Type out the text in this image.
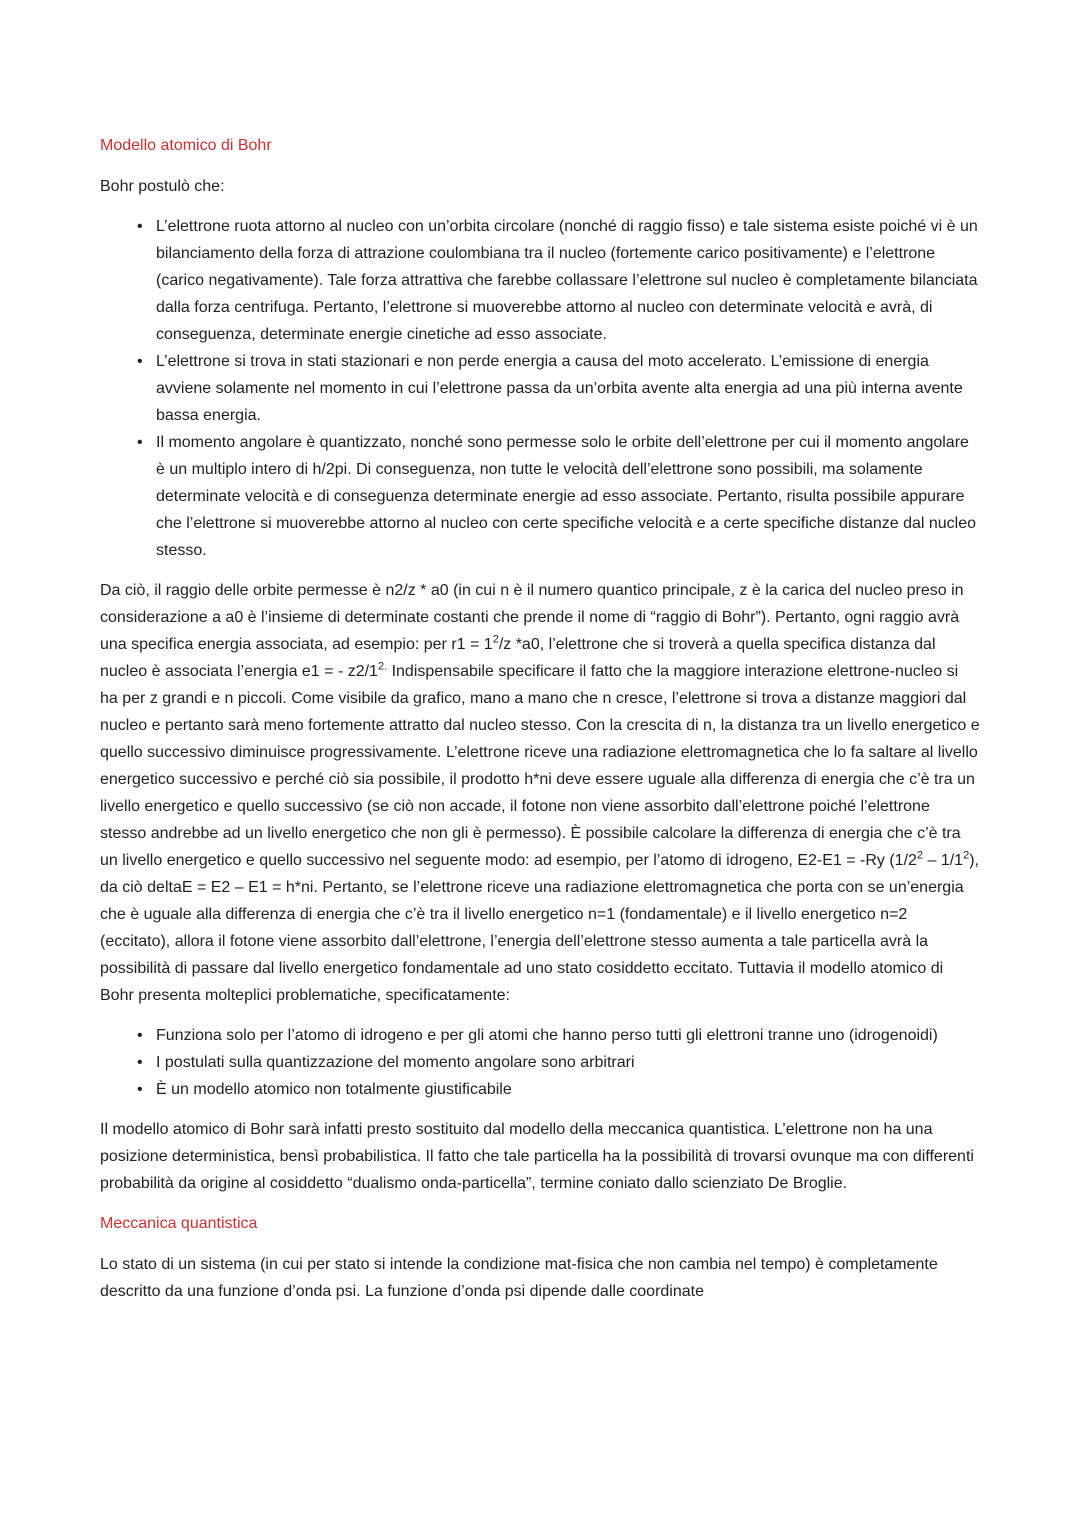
Modello atomico di Bohr

Bohr postulò che:

• L’elettrone ruota attorno al nucleo con un’orbita circolare (nonché di raggio fisso) e tale sistema esiste poiché vi è un bilanciamento della forza di attrazione coulombiana tra il nucleo (fortemente carico positivamente) e l’elettrone (carico negativamente). Tale forza attrattiva che farebbe collassare l’elettrone sul nucleo è completamente bilanciata dalla forza centrifuga. Pertanto, l’elettrone si muoverebbe attorno al nucleo con determinate velocità e avrà, di conseguenza, determinate energie cinetiche ad esso associate.
• L’elettrone si trova in stati stazionari e non perde energia a causa del moto accelerato. L’emissione di energia avviene solamente nel momento in cui l’elettrone passa da un’orbita avente alta energia ad una più interna avente bassa energia.
• Il momento angolare è quantizzato, nonché sono permesse solo le orbite dell’elettrone per cui il momento angolare è un multiplo intero di h/2pi. Di conseguenza, non tutte le velocità dell’elettrone sono possibili, ma solamente determinate velocità e di conseguenza determinate energie ad esso associate. Pertanto, risulta possibile appurare che l’elettrone si muoverebbe attorno al nucleo con certe specifiche velocità e a certe specifiche distanze dal nucleo stesso.

Da ciò, il raggio delle orbite permesse è n2/z * a0 (in cui n è il numero quantico principale, z è la carica del nucleo preso in considerazione a a0 è l’insieme di determinate costanti che prende il nome di “raggio di Bohr”). Pertanto, ogni raggio avrà una specifica energia associata, ad esempio: per $r1 = 1^2/z$ *a0, l’elettrone che si troverà a quella specifica distanza dal nucleo è associata l’energia e1 = - $z2/1^{2.}$ Indispensabile specificare il fatto che la maggiore interazione elettrone-nucleo si ha per z grandi e n piccoli. Come visibile da grafico, mano a mano che n cresce, l’elettrone si trova a distanze maggiori dal nucleo e pertanto sarà meno fortemente attratto dal nucleo stesso. Con la crescita di n, la distanza tra un livello energetico e quello successivo diminuisce progressivamente. L’elettrone riceve una radiazione elettromagnetica che lo fa saltare al livello energetico successivo e perché ciò sia possibile, il prodotto h*ni deve essere uguale alla differenza di energia che c’è tra un livello energetico e quello successivo (se ciò non accade, il fotone non viene assorbito dall’elettrone poiché l’elettrone stesso andrebbe ad un livello energetico che non gli è permesso). È possibile calcolare la differenza di energia che c’è tra un livello energetico e quello successivo nel seguente modo: ad esempio, per l’atomo di idrogeno, E2-E1 = -Ry $(1/2^2 - 1/1^2)$, da ciò deltaE = E2 – E1 = h*ni. Pertanto, se l’elettrone riceve una radiazione elettromagnetica che porta con se un’energia che è uguale alla differenza di energia che c’è tra il livello energetico n=1 (fondamentale) e il livello energetico n=2 (eccitato), allora il fotone viene assorbito dall’elettrone, l’energia dell’elettrone stesso aumenta a tale particella avrà la possibilità di passare dal livello energetico fondamentale ad uno stato cosiddetto eccitato. Tuttavia il modello atomico di Bohr presenta molteplici problematiche, specificatamente:

• Funziona solo per l’atomo di idrogeno e per gli atomi che hanno perso tutti gli elettroni tranne uno (idrogenoidi)
• I postulati sulla quantizzazione del momento angolare sono arbitrari
• È un modello atomico non totalmente giustificabile

Il modello atomico di Bohr sarà infatti presto sostituito dal modello della meccanica quantistica. L’elettrone non ha una posizione deterministica, bensì probabilistica. Il fatto che tale particella ha la possibilità di trovarsi ovunque ma con differenti probabilità da origine al cosiddetto “dualismo onda-particella”, termine coniato dallo scienziato De Broglie.

Meccanica quantistica

Lo stato di un sistema (in cui per stato si intende la condizione mat-fisica che non cambia nel tempo) è completamente descritto da una funzione d’onda psi. La funzione d’onda psi dipende dalle coordinate
